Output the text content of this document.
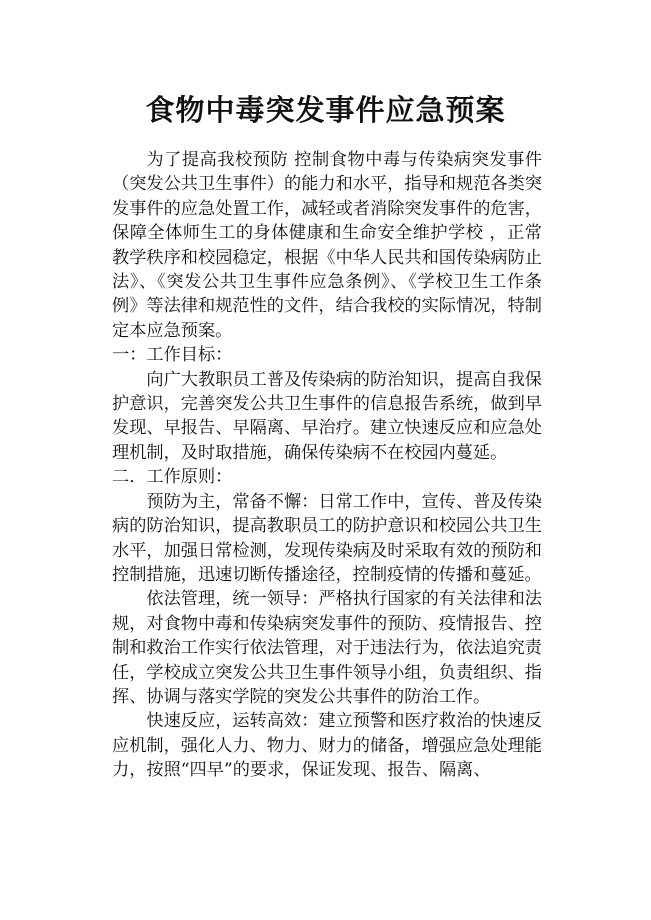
食物中毒突发事件应急预案

为了提高我校预防 控制食物中毒与传染病突发事件（突发公共卫生事件）的能力和水平，指导和规范各类突发事件的应急处置工作，减轻或者消除突发事件的危害，保障全体师生工的身体健康和生命安全维护学校 ，正常教学秩序和校园稳定，根据《中华人民共和国传染病防止法》、《突发公共卫生事件应急条例》、《学校卫生工作条例》等法律和规范性的文件，结合我校的实际情况，特制定本应急预案。

一：工作目标：

向广大教职员工普及传染病的防治知识，提高自我保护意识，完善突发公共卫生事件的信息报告系统，做到早发现、早报告、早隔离、早治疗。建立快速反应和应急处理机制，及时取措施，确保传染病不在校园内蔓延。

二．工作原则：

预防为主，常备不懈：日常工作中，宣传、普及传染病的防治知识，提高教职员工的防护意识和校园公共卫生水平，加强日常检测，发现传染病及时采取有效的预防和控制措施，迅速切断传播途径，控制疫情的传播和蔓延。

依法管理，统一领导：严格执行国家的有关法律和法规，对食物中毒和传染病突发事件的预防、疫情报告、控制和救治工作实行依法管理，对于违法行为，依法追究责任，学校成立突发公共卫生事件领导小组，负责组织、指挥、协调与落实学院的突发公共事件的防治工作。

快速反应，运转高效：建立预警和医疗救治的快速反应机制，强化人力、物力、财力的储备，增强应急处理能力，按照“四早”的要求，保证发现、报告、隔离、
